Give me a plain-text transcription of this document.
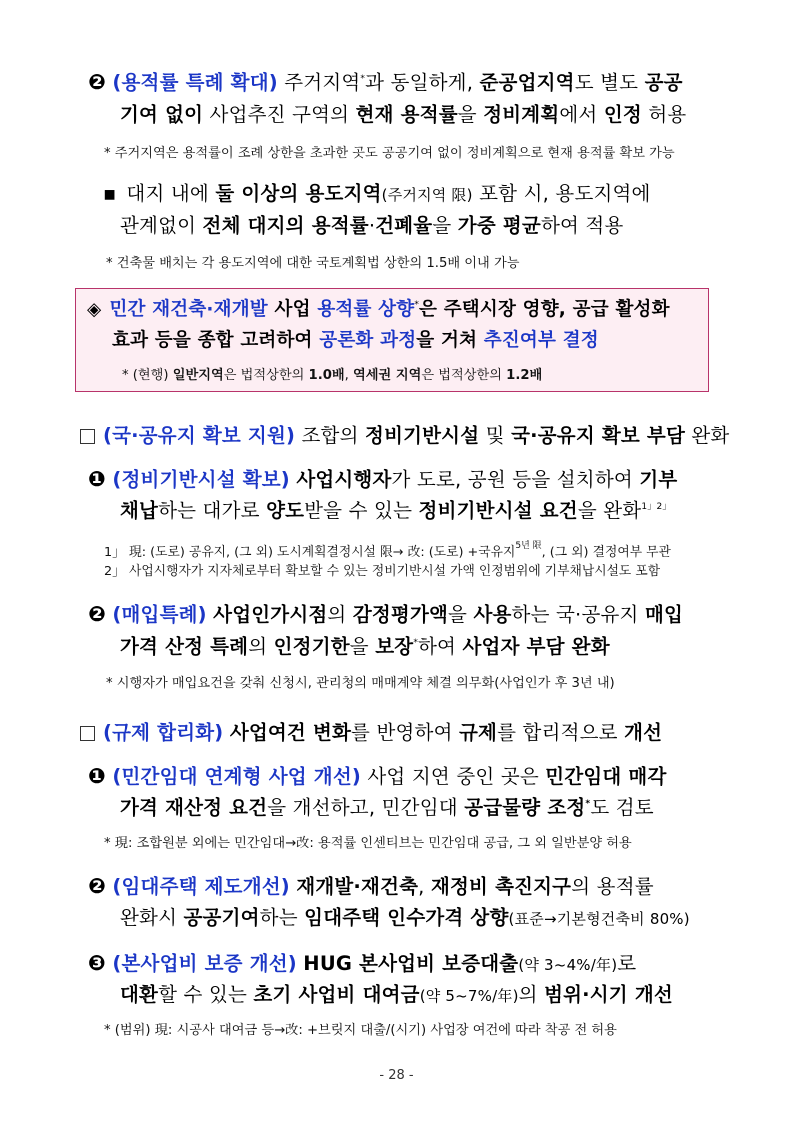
❷ (용적률 특례 확대) 주거지역*과 동일하게, 준공업지역도 별도 공공
기여 없이 사업추진 구역의 현재 용적률을 정비계획에서 인정 허용
* 주거지역은 용적률이 조례 상한을 초과한 곳도 공공기여 없이 정비계획으로 현재 용적률 확보 가능
▪ 대지 내에 둘 이상의 용도지역(주거지역 限) 포함 시, 용도지역에
관계없이 전체 대지의 용적률·건폐율을 가중 평균하여 적용
* 건축물 배치는 각 용도지역에 대한 국토계획법 상한의 1.5배 이내 가능
◈ 민간 재건축·재개발 사업 용적률 상향*은 주택시장 영향, 공급 활성화
효과 등을 종합 고려하여 공론화 과정을 거쳐 추진여부 결정
* (현행) 일반지역은 법적상한의 1.0배, 역세권 지역은 법적상한의 1.2배
(국·공유지 확보 지원) 조합의 정비기반시설 및 국·공유지 확보 부담 완화
❶ (정비기반시설 확보) 사업시행자가 도로, 공원 등을 설치하여 기부
채납하는 대가로 양도받을 수 있는 정비기반시설 요건을 완화$^{1」2」}$
1」 現: (도로) 공유지, (그 외) 도시계획결정시설 限→ 改: (도로) +국유지$^{5년 限}$, (그 외) 결정여부 무관
2」 사업시행자가 지자체로부터 확보할 수 있는 정비기반시설 가액 인정범위에 기부채납시설도 포함
❷ (매입특례) 사업인가시점의 감정평가액을 사용하는 국·공유지 매입
가격 산정 특례의 인정기한을 보장*하여 사업자 부담 완화
* 시행자가 매입요건을 갖춰 신청시, 관리청의 매매계약 체결 의무화(사업인가 후 3년 내)
(규제 합리화) 사업여건 변화를 반영하여 규제를 합리적으로 개선
❶ (민간임대 연계형 사업 개선) 사업 지연 중인 곳은 민간임대 매각
가격 재산정 요건을 개선하고, 민간임대 공급물량 조정*도 검토
* 現: 조합원분 외에는 민간임대→改: 용적률 인센티브는 민간임대 공급, 그 외 일반분양 허용
❷ (임대주택 제도개선) 재개발·재건축, 재정비 촉진지구의 용적률
완화시 공공기여하는 임대주택 인수가격 상향(표준→기본형건축비 80%)
❸ (본사업비 보증 개선) HUG 본사업비 보증대출(약 3~4%/年)로
대환할 수 있는 초기 사업비 대여금(약 5~7%/年)의 범위·시기 개선
* (범위) 現: 시공사 대여금 등→改: +브릿지 대출/(시기) 사업장 여건에 따라 착공 전 허용
- 28 -
